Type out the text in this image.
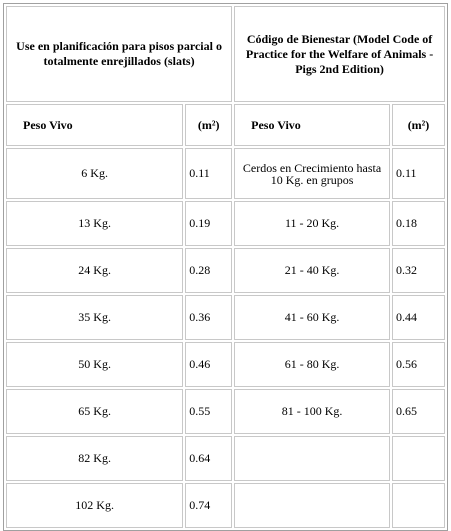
Use en planificación para pisos parcial o totalmente enrejillados (slats)		Código de Bienestar (Model Code of Practice for the Welfare of Animals - Pigs 2nd Edition)	
Peso Vivo	(m²)	Peso Vivo	(m²)
6 Kg.	0.11	Cerdos en Crecimiento hasta 10 Kg. en grupos	0.11
13 Kg.	0.19	11 - 20 Kg.	0.18
24 Kg.	0.28	21 - 40 Kg.	0.32
35 Kg.	0.36	41 - 60 Kg.	0.44
50 Kg.	0.46	61 - 80 Kg.	0.56
65 Kg.	0.55	81 - 100 Kg.	0.65
82 Kg.	0.64		
102 Kg.	0.74		
